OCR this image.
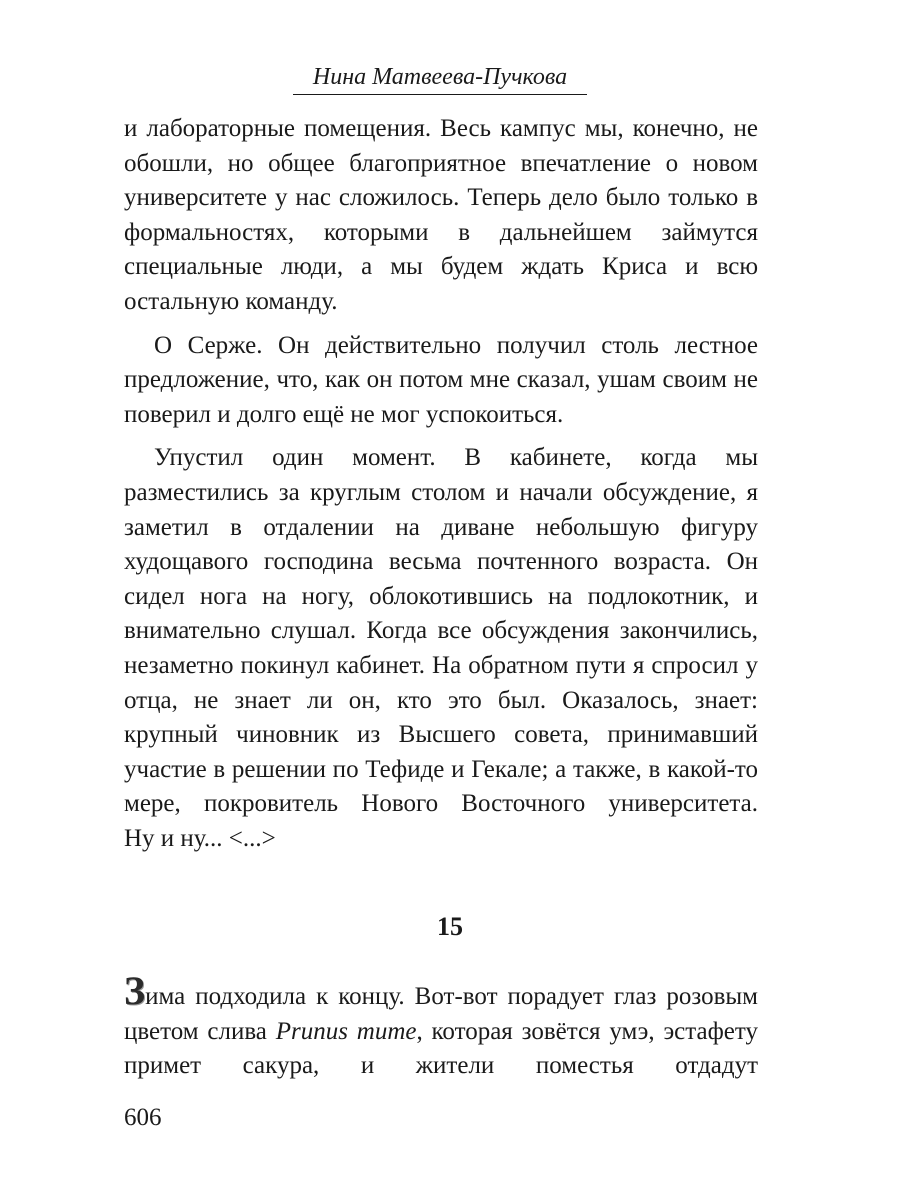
Нина Матвеева-Пучкова

и лабораторные помещения. Весь кампус мы, конечно, не обошли, но общее благоприятное впечатление о новом университете у нас сложилось. Теперь дело было только в формальностях, которыми в дальнейшем займутся специальные люди, а мы будем ждать Криса и всю остальную команду.

О Серже. Он действительно получил столь лестное предложение, что, как он потом мне сказал, ушам своим не поверил и долго ещё не мог успокоиться.

Упустил один момент. В кабинете, когда мы разместились за круглым столом и начали обсуждение, я заметил в отдалении на диване небольшую фигуру худощавого господина весьма почтенного возраста. Он сидел нога на ногу, облокотившись на подлокотник, и внимательно слушал. Когда все обсуждения закончились, незаметно покинул кабинет. На обратном пути я спросил у отца, не знает ли он, кто это был. Оказалось, знает: крупный чиновник из Высшего совета, принимавший участие в решении по Тефиде и Гекале; а также, в какой-то мере, покровитель Нового Восточного университета.

Ну и ну... <...>

15

Зима подходила к концу. Вот-вот порадует глаз розовым цветом слива Prunus mume, которая зовётся умэ, эстафету примет сакура, и жители поместья отдадут

606
